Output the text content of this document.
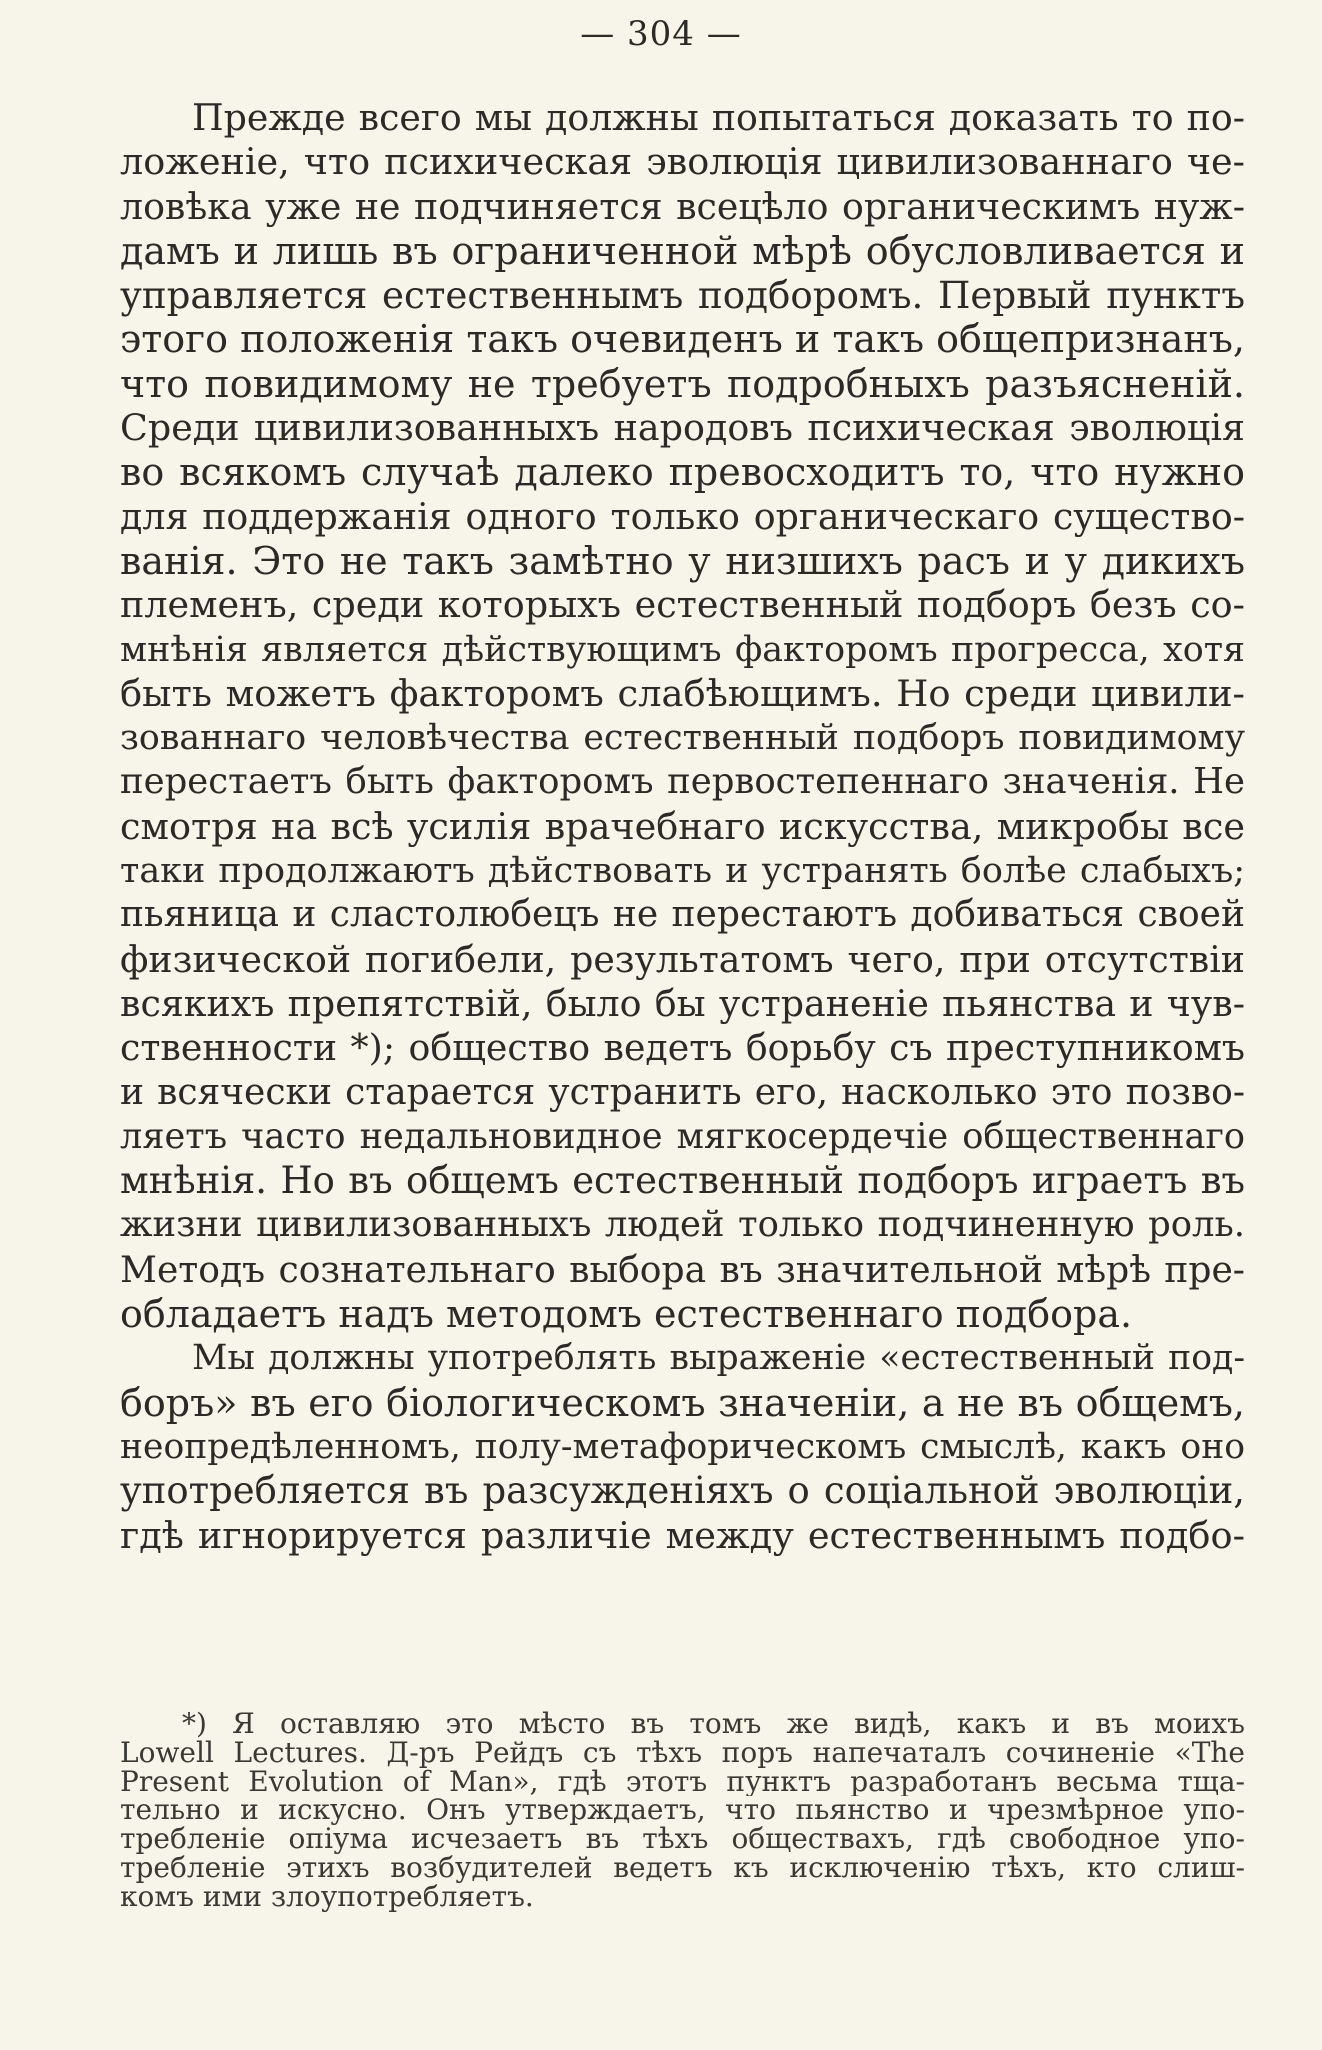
— 304 —
Прежде всего мы должны попытаться доказать то по-
ложеніе, что психическая эволюція цивилизованнаго че-
ловѣка уже не подчиняется всецѣло органическимъ нуж-
дамъ и лишь въ ограниченной мѣрѣ обусловливается и
управляется естественнымъ подборомъ. Первый пунктъ
этого положенія такъ очевиденъ и такъ общепризнанъ,
что повидимому не требуетъ подробныхъ разъясненій.
Среди цивилизованныхъ народовъ психическая эволюція
во всякомъ случаѣ далеко превосходитъ то, что нужно
для поддержанія одного только органическаго существо-
ванія. Это не такъ замѣтно у низшихъ расъ и у дикихъ
племенъ, среди которыхъ естественный подборъ безъ со-
мнѣнія является дѣйствующимъ факторомъ прогресса, хотя
быть можетъ факторомъ слабѣющимъ. Но среди цивили-
зованнаго человѣчества естественный подборъ повидимому
перестаетъ быть факторомъ первостепеннаго значенія. Не
смотря на всѣ усилія врачебнаго искусства, микробы все
таки продолжаютъ дѣйствовать и устранять болѣе слабыхъ;
пьяница и сластолюбецъ не перестаютъ добиваться своей
физической погибели, результатомъ чего, при отсутствіи
всякихъ препятствій, было бы устраненіе пьянства и чув-
ственности *); общество ведетъ борьбу съ преступникомъ
и всячески старается устранить его, насколько это позво-
ляетъ часто недальновидное мягкосердечіе общественнаго
мнѣнія. Но въ общемъ естественный подборъ играетъ въ
жизни цивилизованныхъ людей только подчиненную роль.
Методъ сознательнаго выбора въ значительной мѣрѣ пре-
обладаетъ надъ методомъ естественнаго подбора.
Мы должны употреблять выраженіе «естественный под-
боръ» въ его біологическомъ значеніи, а не въ общемъ,
неопредѣленномъ, полу-метафорическомъ смыслѣ, какъ оно
употребляется въ разсужденіяхъ о соціальной эволюціи,
гдѣ игнорируется различіе между естественнымъ подбо-
*) Я оставляю это мѣсто въ томъ же видѣ, какъ и въ моихъ
Lowell Lectures. Д-ръ Рейдъ съ тѣхъ поръ напечаталъ сочиненіе «The
Present Evolution of Man», гдѣ этотъ пунктъ разработанъ весьма тща-
тельно и искусно. Онъ утверждаетъ, что пьянство и чрезмѣрное упо-
требленіе опіума исчезаетъ въ тѣхъ обществахъ, гдѣ свободное упо-
требленіе этихъ возбудителей ведетъ къ исключенію тѣхъ, кто слиш-
комъ ими злоупотребляетъ.
